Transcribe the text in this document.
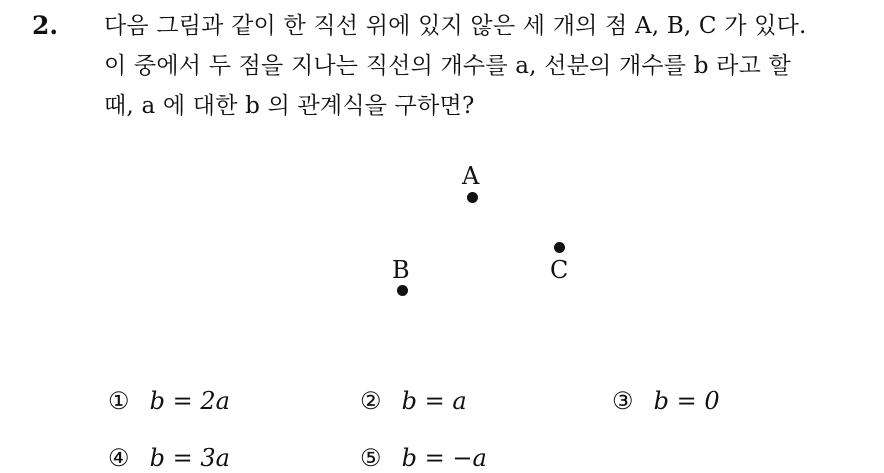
2. 다음 그림과 같이 한 직선 위에 있지 않은 세 개의 점 A, B, C 가 있다.
이 중에서 두 점을 지나는 직선의 개수를 a, 선분의 개수를 b 라고 할
때, a 에 대한 b 의 관계식을 구하면?
A
B	C
① b = 2a	② b = a	③ b = 0
④ b = 3a	⑤ b = −a
